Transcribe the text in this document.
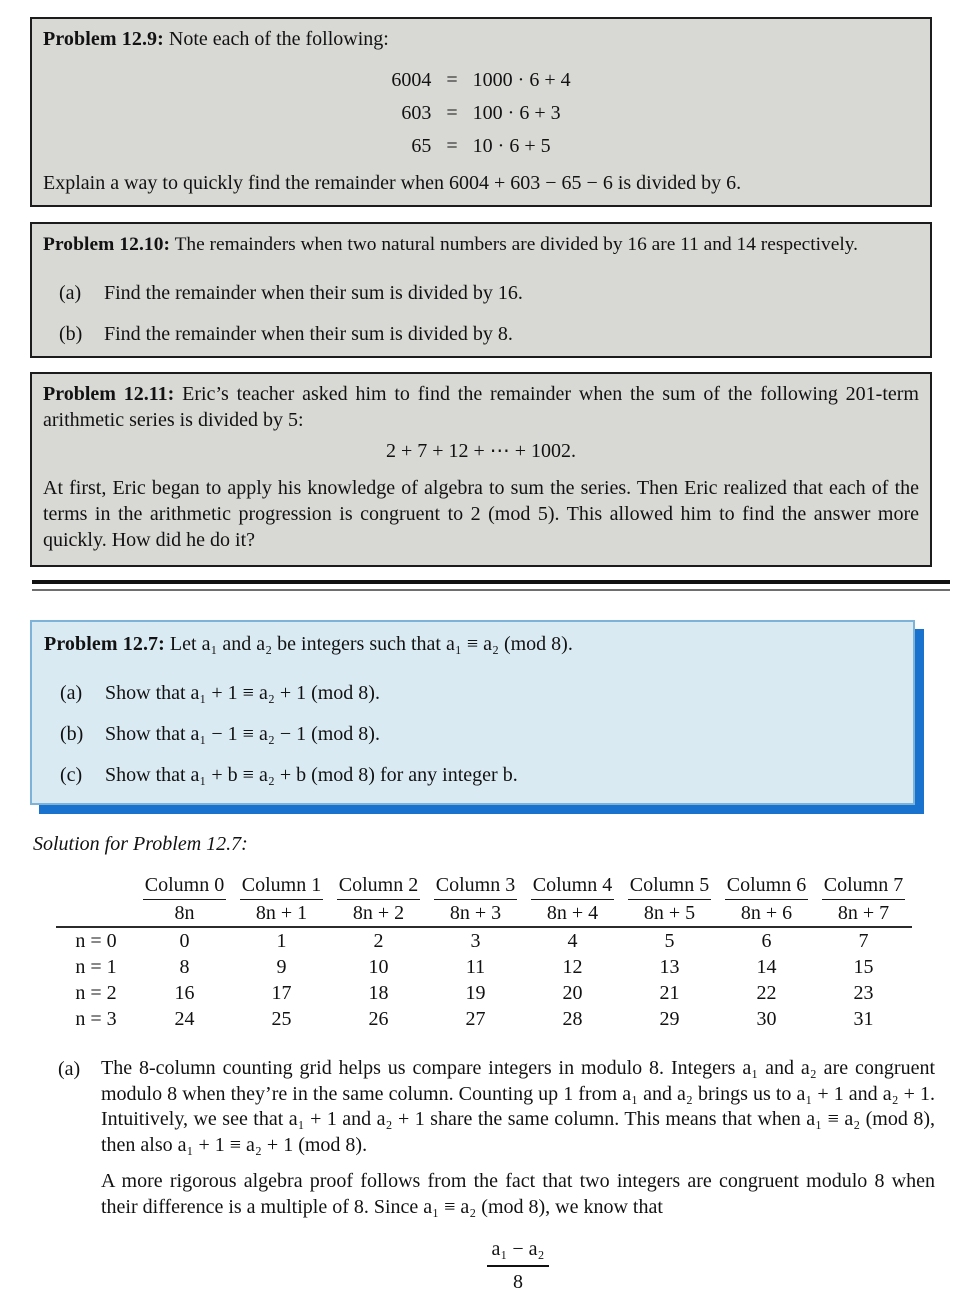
Problem 12.9: Note each of the following:
6004 = 1000 · 6 + 4
603 = 100 · 6 + 3
65 = 10 · 6 + 5
Explain a way to quickly find the remainder when 6004 + 603 − 65 − 6 is divided by 6.
Problem 12.10: The remainders when two natural numbers are divided by 16 are 11 and 14 respectively.
(a)	Find the remainder when their sum is divided by 16.
(b)	Find the remainder when their sum is divided by 8.

Problem 12.11: Eric’s teacher asked him to find the remainder when the sum of the following 201-term arithmetic series is divided by 5:

2 + 7 + 12 + ⋯ + 1002.

At first, Eric began to apply his knowledge of algebra to sum the series. Then Eric realized that each of the terms in the arithmetic progression is congruent to 2 (mod 5). This allowed him to find the answer more quickly. How did he do it?

Problem 12.7: Let a₁ and a₂ be integers such that a₁ ≡ a₂ (mod 8).
(a)	Show that a₁ + 1 ≡ a₂ + 1 (mod 8).
(b)	Show that a₁ − 1 ≡ a₂ − 1 (mod 8).
(c)	Show that a₁ + b ≡ a₂ + b (mod 8) for any integer b.
Solution for Problem 12.7:
	Column 0	Column 1	Column 2	Column 3	Column 4	Column 5	Column 6	Column 7
	8n	8n + 1	8n + 2	8n + 3	8n + 4	8n + 5	8n + 6	8n + 7
n = 0	0	1	2	3	4	5	6	7
n = 1	8	9	10	11	12	13	14	15
n = 2	16	17	18	19	20	21	22	23
n = 3	24	25	26	27	28	29	30	31
(a)	The 8-column counting grid helps us compare integers in modulo 8. Integers a₁ and a₂ are congruent modulo 8 when they’re in the same column. Counting up 1 from a₁ and a₂ brings us to a₁ + 1 and a₂ + 1. Intuitively, we see that a₁ + 1 and a₂ + 1 share the same column. This means that when a₁ ≡ a₂ (mod 8), then also a₁ + 1 ≡ a₂ + 1 (mod 8).

A more rigorous algebra proof follows from the fact that two integers are congruent modulo 8 when their difference is a multiple of 8. Since a₁ ≡ a₂ (mod 8), we know that

a₁ − a₂
8
